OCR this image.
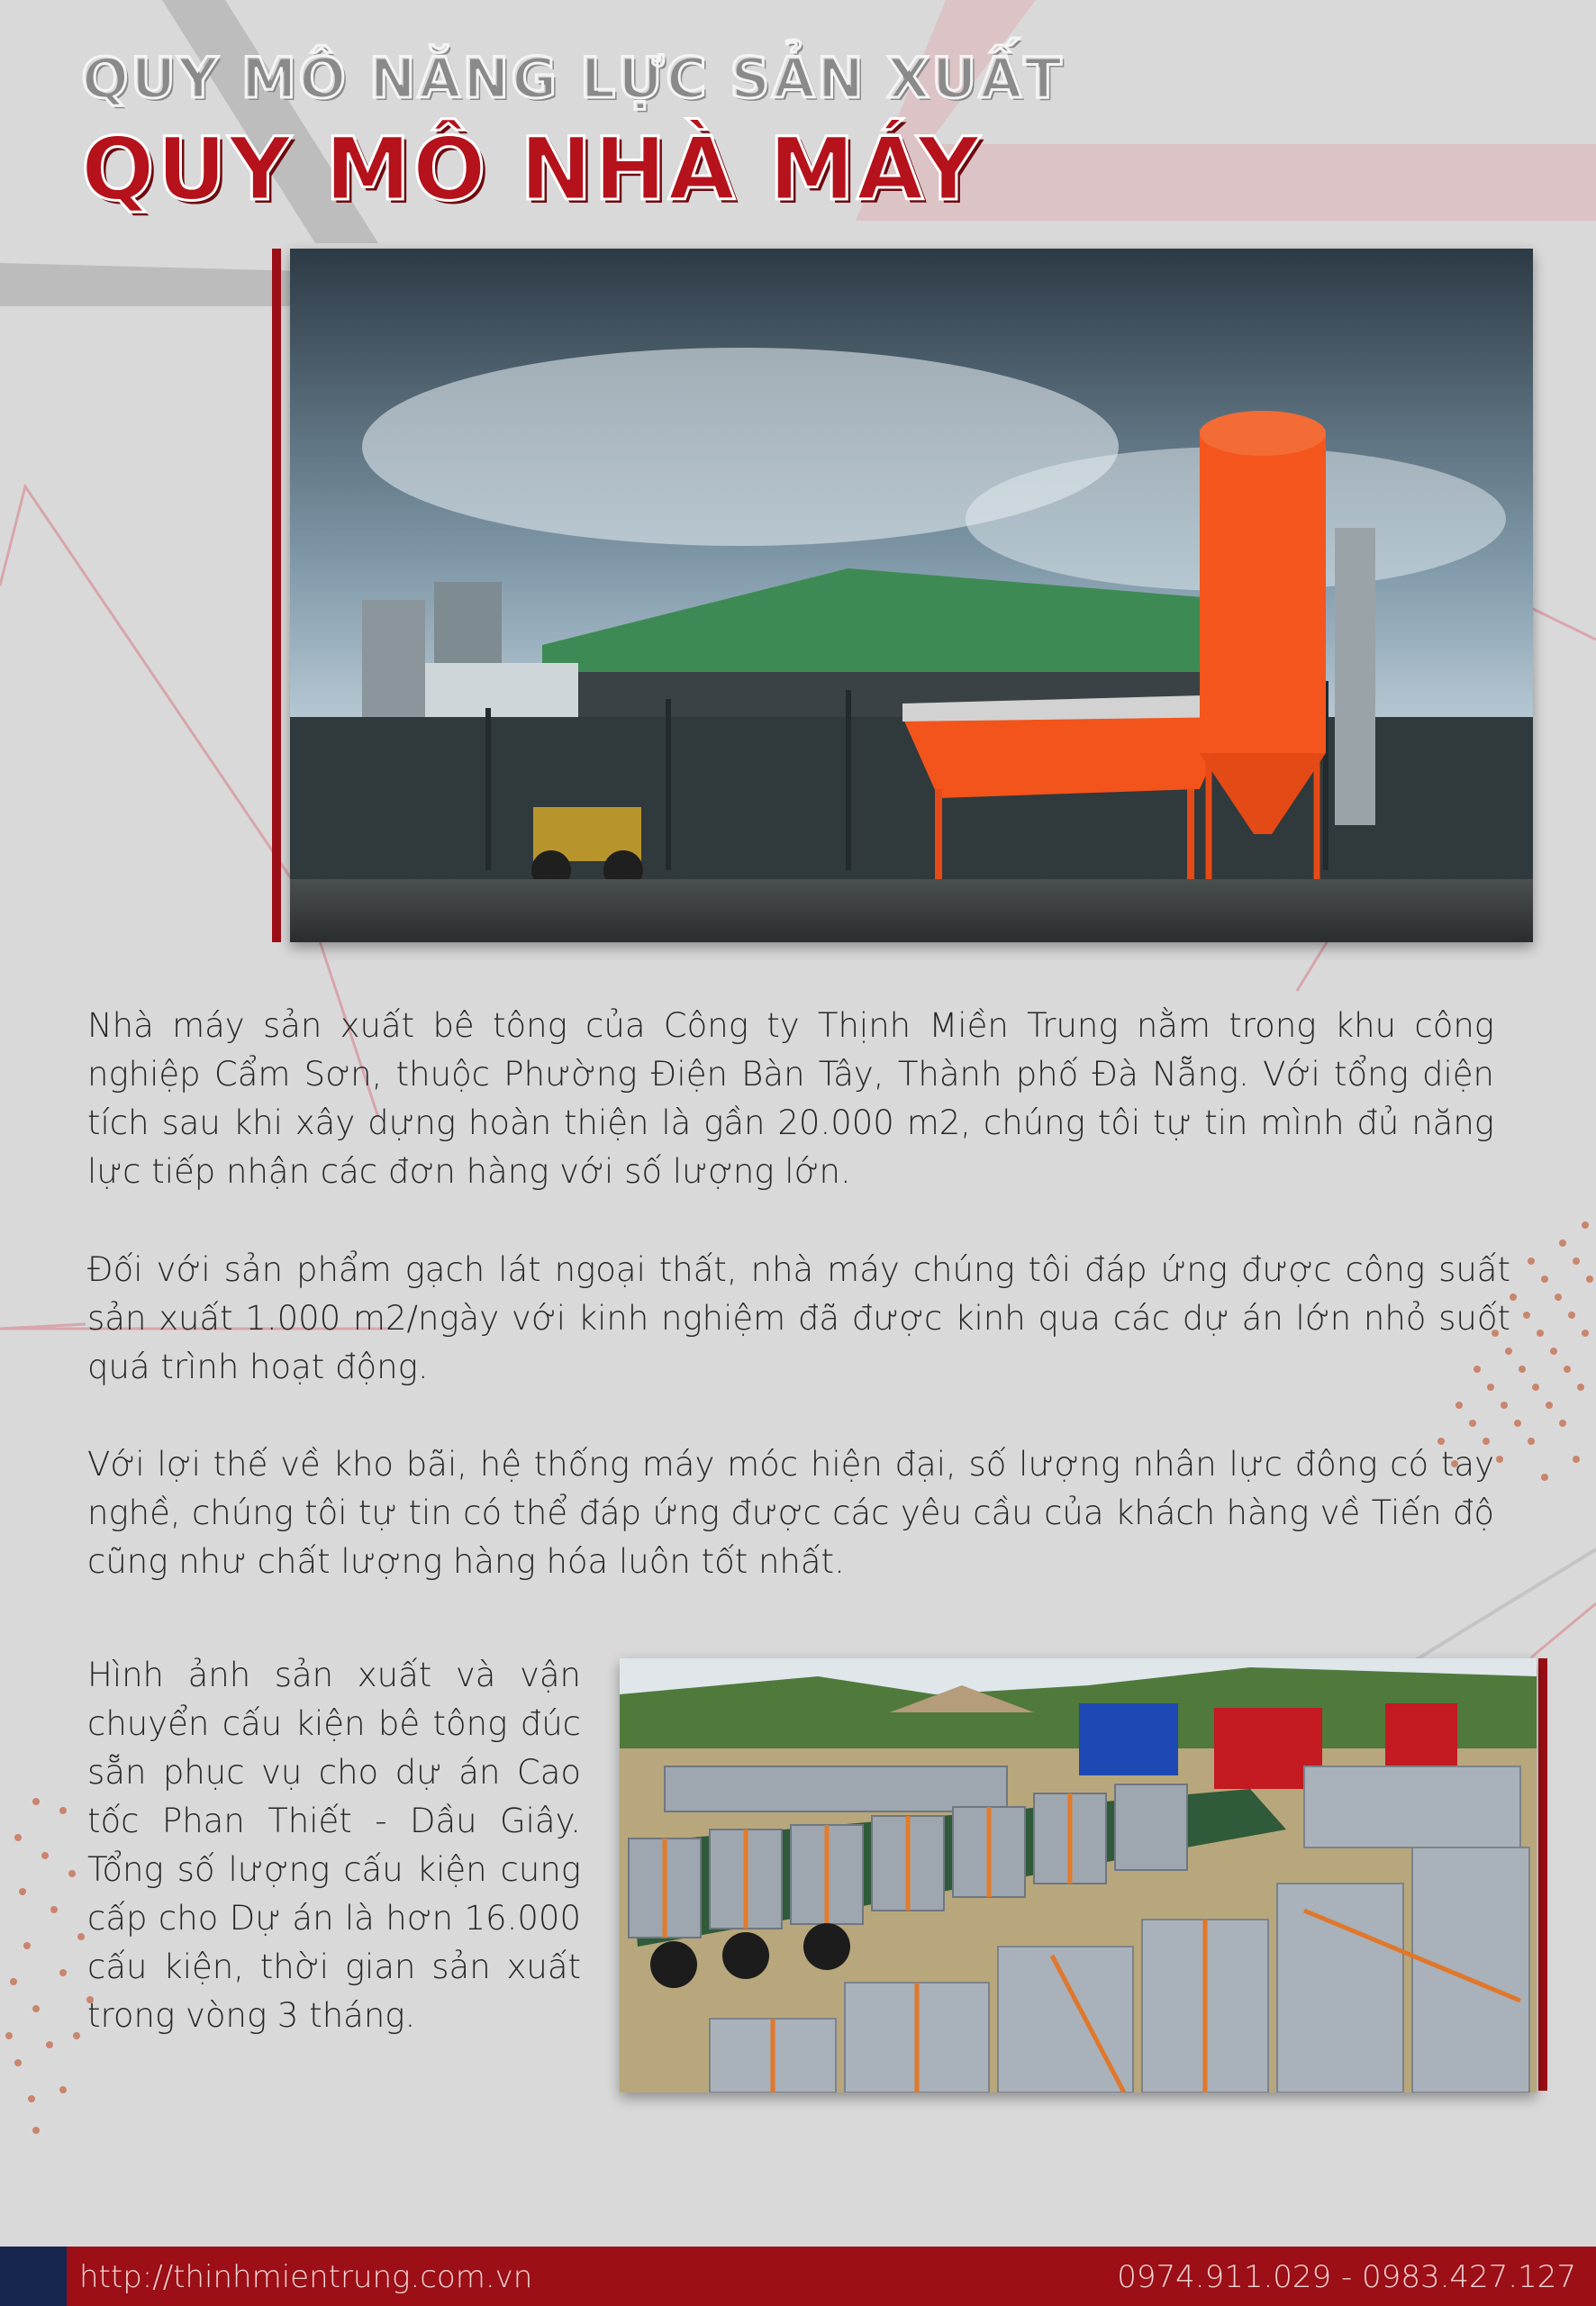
QUY MÔ NĂNG LỰC SẢN XUẤT
QUY MÔ NHÀ MÁY

Nhà máy sản xuất bê tông của Công ty Thịnh Miền Trung nằm trong khu công nghiệp Cẩm Sơn, thuộc Phường Điện Bàn Tây, Thành phố Đà Nẵng. Với tổng diện tích sau khi xây dựng hoàn thiện là gần 20.000 m2, chúng tôi tự tin mình đủ năng lực tiếp nhận các đơn hàng với số lượng lớn.

Đối với sản phẩm gạch lát ngoại thất, nhà máy chúng tôi đáp ứng được công suất sản xuất 1.000 m2/ngày với kinh nghiệm đã được kinh qua các dự án lớn nhỏ suốt quá trình hoạt động.

Với lợi thế về kho bãi, hệ thống máy móc hiện đại, số lượng nhân lực đông có tay nghề, chúng tôi tự tin có thể đáp ứng được các yêu cầu của khách hàng về Tiến độ cũng như chất lượng hàng hóa luôn tốt nhất.

Hình ảnh sản xuất và vận chuyển cấu kiện bê tông đúc sẵn phục vụ cho dự án Cao tốc Phan Thiết - Dầu Giây. Tổng số lượng cấu kiện cung cấp cho Dự án là hơn 16.000 cấu kiện, thời gian sản xuất trong vòng 3 tháng.

http://thinhmientrung.com.vn	0974.911.029 - 0983.427.127
